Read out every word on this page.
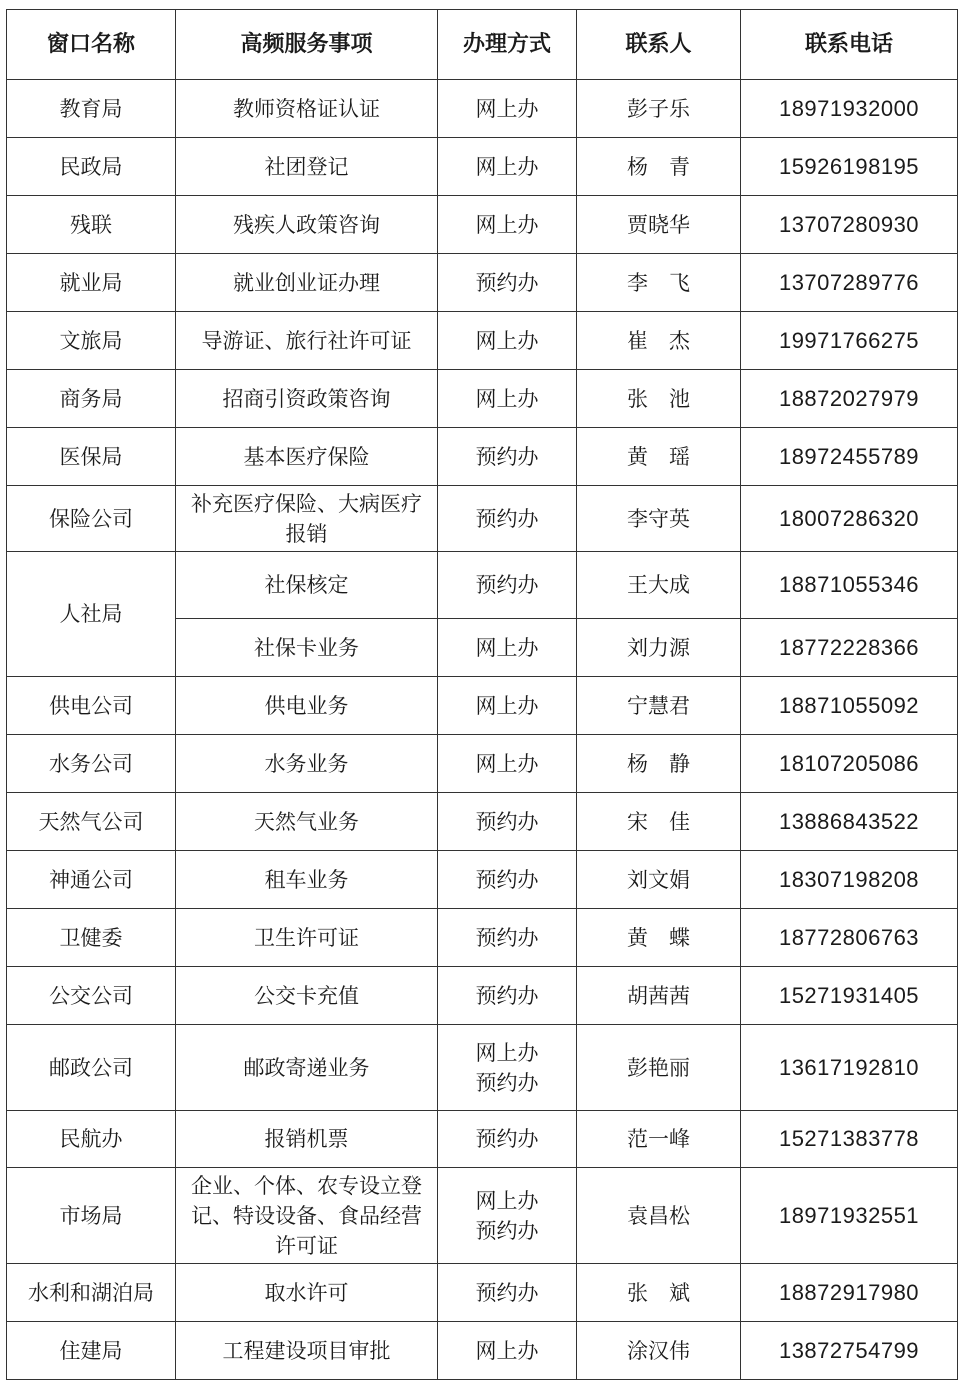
窗口名称	高频服务事项	办理方式	联系人	联系电话
教育局	教师资格证认证	网上办	彭子乐	18971932000
民政局	社团登记	网上办	杨　青	15926198195
残联	残疾人政策咨询	网上办	贾晓华	13707280930
就业局	就业创业证办理	预约办	李　飞	13707289776
文旅局	导游证、旅行社许可证	网上办	崔　杰	19971766275
商务局	招商引资政策咨询	网上办	张　池	18872027979
医保局	基本医疗保险	预约办	黄　瑶	18972455789
保险公司	补充医疗保险、大病医疗报销	预约办	李守英	18007286320
人社局	社保核定	预约办	王大成	18871055346
	社保卡业务	网上办	刘力源	18772228366
供电公司	供电业务	网上办	宁慧君	18871055092
水务公司	水务业务	网上办	杨　静	18107205086
天然气公司	天然气业务	预约办	宋　佳	13886843522
神通公司	租车业务	预约办	刘文娟	18307198208
卫健委	卫生许可证	预约办	黄　蝶	18772806763
公交公司	公交卡充值	预约办	胡茜茜	15271931405
邮政公司	邮政寄递业务	网上办 预约办	彭艳丽	13617192810
民航办	报销机票	预约办	范一峰	15271383778
市场局	企业、个体、农专设立登记、特设设备、食品经营许可证	网上办 预约办	袁昌松	18971932551
水利和湖泊局	取水许可	预约办	张　斌	18872917980
住建局	工程建设项目审批	网上办	涂汉伟	13872754799
